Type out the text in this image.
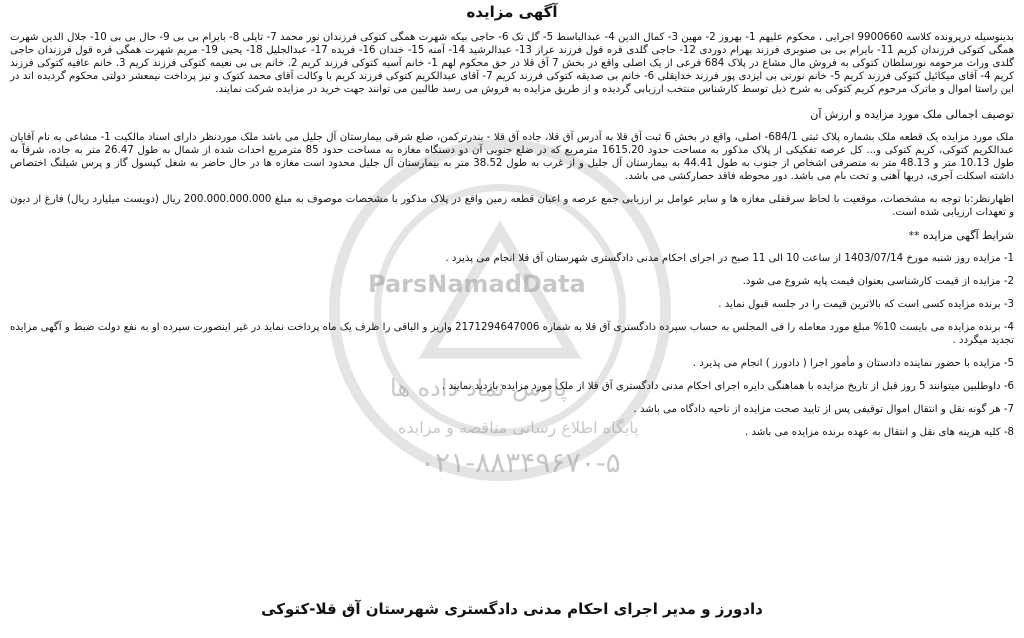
ParsNamadData
پارس نماد داده ها
پایگاه اطلاع رسانی مناقصه و مزایده
۰۲۱-۸۸۳۴۹۶۷۰-۵
آگهی مزایده

بدینوسیله درپرونده کلاسه 9900660 اجرایی ، محکوم علیهم 1- بهروز 2- مهین 3- کمال الدین 4- عبدالباسط 5- گل تک 6- حاجی بیکه شهرت همگی کتوکی فرزندان نور محمد 7- تایلی 8- بایرام بی بی 9- حال بی بی 10- جلال الدین شهرت همگی کتوکی فرزندان کریم 11- بایرام بی بی صنوبری فرزند بهرام دوردی 12- حاجی گلدی قره قول فرزند عراز 13- عبدالرشید 14- آمنه 15- خندان 16- فریده 17- عبدالجلیل 18- یحیی 19- مریم شهرت همگی قره قول فرزندان حاجی گلدی وراث مرحومه نورسلطان کتوکی به فروش مال مشاع در پلاک 684 فرعی از یک اصلی واقع در بخش 7 آق قلا در حق محکوم لهم 1- خانم آسیه کتوکی فرزند کریم 2. خانم بی بی نعیمه کتوکی فرزند کریم 3. خانم عافیه کتوکی فرزند کریم 4- آقای میکائیل کتوکی فرزند کریم 5- خانم نورنی بی ایزدی پور فرزند خدایقلی 6- خانم بی صدیقه کتوکی فرزند کریم 7- آقای عبدالکریم کتوکی فرزند کریم با وکالت آقای محمد کتوک و نیز پرداخت نیمعشر دولتی محکوم گردیده اند در این راستا اموال و ماترک مرحوم کریم کتوکی به شرح ذیل توسط کارشناس منتخب ارزیابی گردیده و از طریق مزایده به فروش می رسد طالبین می توانند جهت خرید در مزایده شرکت نمایند.

توصیف اجمالی ملک مورد مزایده و ارزش آن

ملک مورد مزایده یک قطعه ملک بشماره پلاک ثبتی 684/1- اصلی، واقع در بخش 6 ثبت آق قلا به آدرس آق قلا، جاده آق قلا - بندرترکمن، ضلع شرقی بیمارستان آل جلیل می باشد ملک موردنظر دارای اسناد مالکیت 1- مشاعی به نام آقایان عبدالکریم کتوکی، کریم کتوکی و... کل عرصه تفکیکی از پلاک مذکور به مساحت حدود 1615.20 مترمربع که در ضلع جنوبی آن دو دستگاه مغازه به مساحت حدود 85 مترمربع احداث شده از شمال به طول 26.47 متر به جاده، شرقاً به طول 10.13 متر و 48.13 متر به متصرفی اشخاص از جنوب به طول 44.41 به بیمارستان آل جلیل و از غرب به طول 38.52 متر به بیمارستان آل جلیل محدود است مغازه ها در حال حاضر به شغل کپسول گاز و پرس شیلنگ اختصاص داشته اسکلت آجری، دربها آهنی و تخت بام می باشد. دور محوطه فاقد حصارکشی می باشد.

اظهارنظر:با توجه به مشخصات، موقعیت با لحاظ سرقفلی مغازه ها و سایر عوامل بر ارزیابی جمع عرصه و اعیان قطعه زمین واقع در پلاک مذکور با مشخصات موصوف به مبلغ 200.000.000.000 ریال (دویست میلیارد ریال) فارغ از دیون و تعهدات ارزیابی شده است.

شرایط آگهی مزایده **
1- مزایده روز شنبه مورخ 1403/07/14 از ساعت 10 الی 11 صبح در اجرای احکام مدنی دادگستری شهرستان آق قلا انجام می پذیرد .
2- مزایده از قیمت کارشناسی بعنوان قیمت پایه شروع می شود.
3- برنده مزایده کسی است که بالاترین قیمت را در جلسه قبول نماید .
4- برنده مزایده می بایست 10% مبلغ مورد معامله را فی المجلس به حساب سپرده دادگستری آق قلا به شماره 2171294647006 واریز و الباقی را ظرف یک ماه پرداخت نماید در غیر اینصورت سپرده او به نفع دولت ضبط و آگهی مزایده تجدید میگردد .
5- مزایده با حضور نماینده دادستان و مأمور اجرا ( دادورز ) انجام می پذیرد .
6- داوطلبین میتوانند 5 روز قبل از تاریخ مزایده با هماهنگی دایره اجرای احکام مدنی دادگستری آق قلا از ملک مورد مزایده بازدید نمایند .
7- هر گونه نقل و انتقال اموال توقیفی پس از تایید صحت مزایده از ناحیه دادگاه می باشد .
8- کلیه هزینه های نقل و انتقال به عهده برنده مزایده می باشد .
دادورز و مدیر اجرای احکام مدنی دادگستری شهرستان آق قلا-کتوکی
